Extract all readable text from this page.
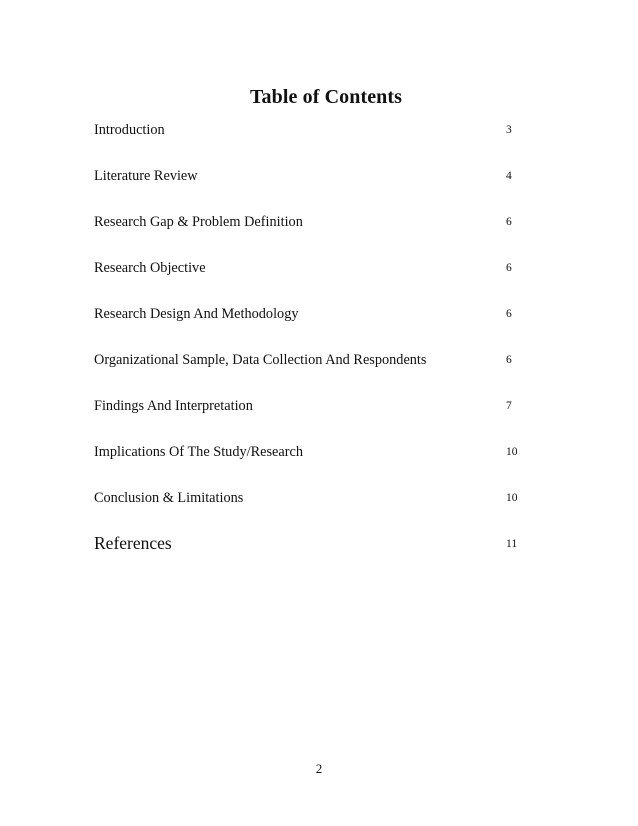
Table of Contents
Introduction	3
Literature Review	4
Research Gap & Problem Definition	6
Research Objective	6
Research Design And Methodology	6
Organizational Sample, Data Collection And Respondents	6
Findings And Interpretation	7
Implications Of The Study/Research	10
Conclusion & Limitations	10
References	11
2
